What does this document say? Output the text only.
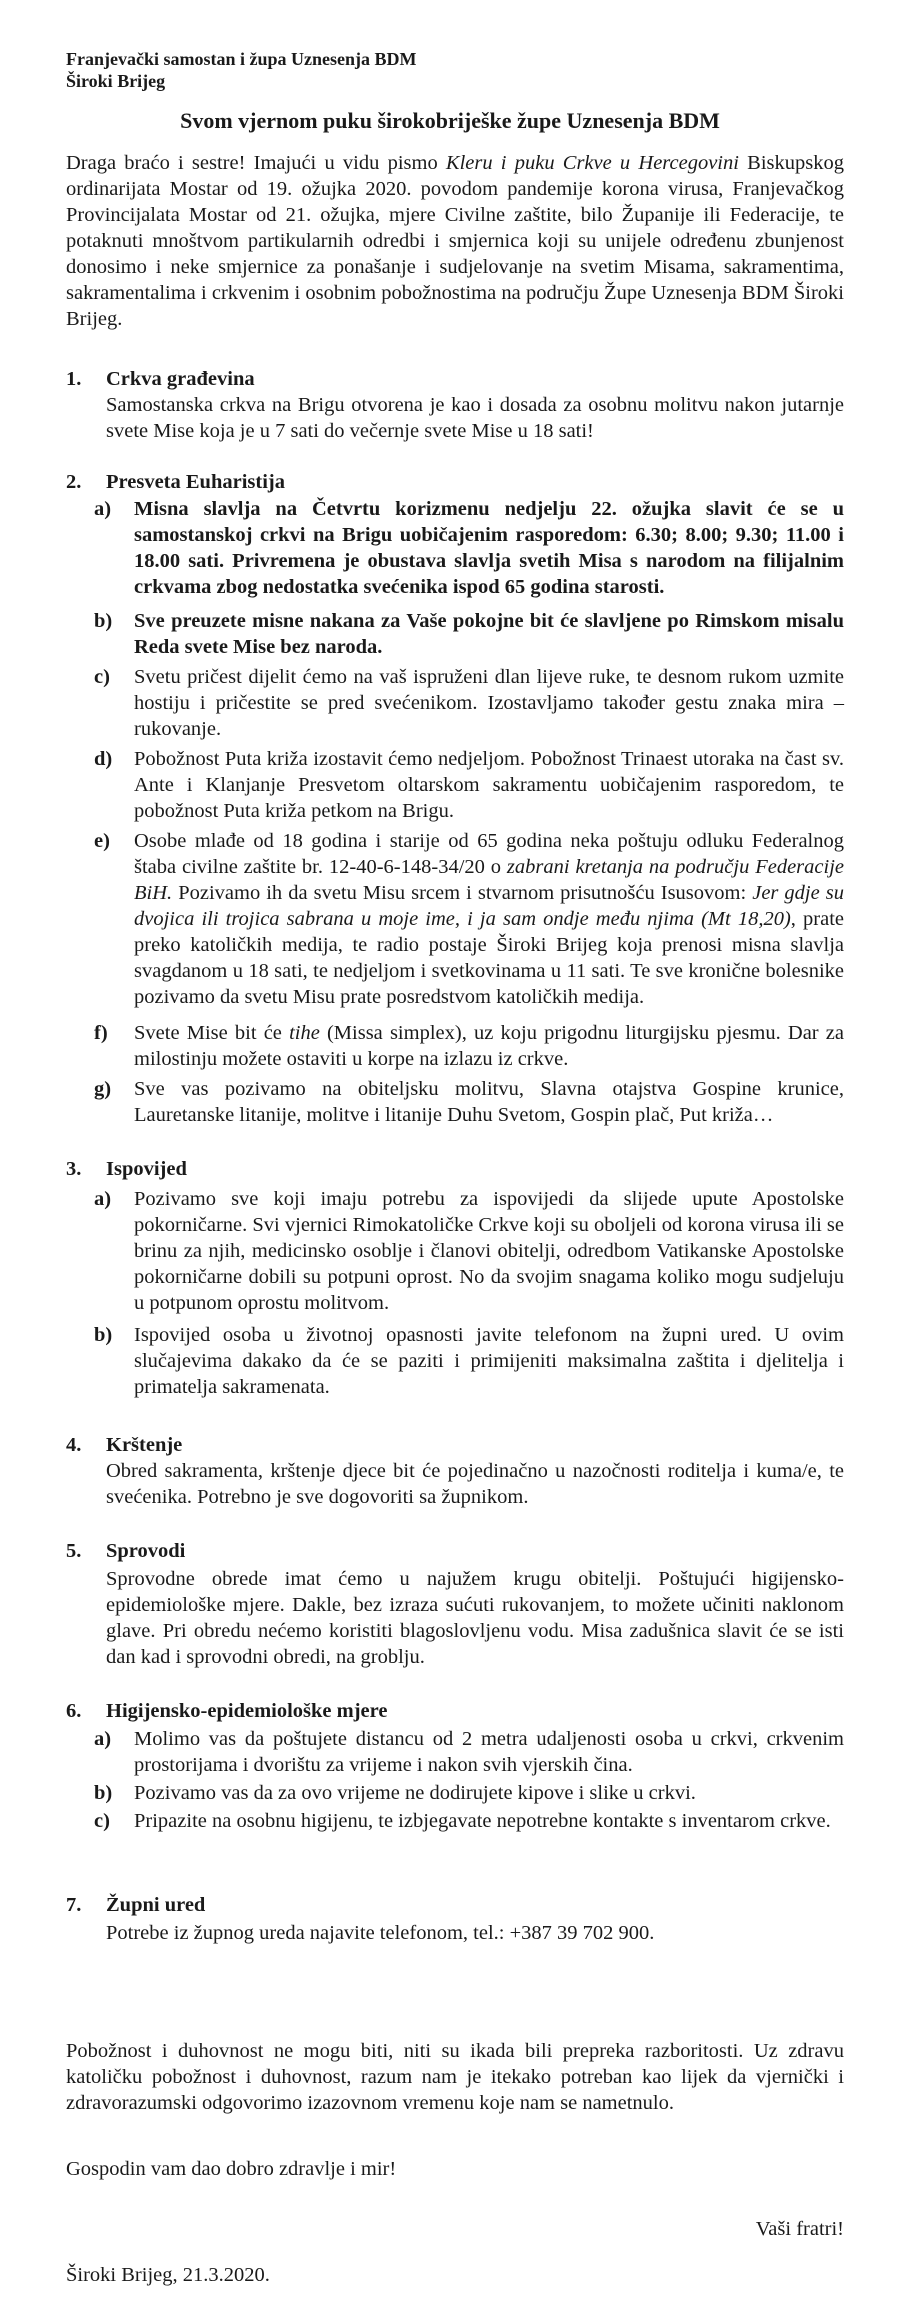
Franjevački samostan i župa Uznesenja BDM
Široki Brijeg
Svom vjernom puku širokobriješke župe Uznesenja BDM
Draga braćo i sestre! Imajući u vidu pismo Kleru i puku Crkve u Hercegovini Biskupskog ordinarijata Mostar od 19. ožujka 2020. povodom pandemije korona virusa, Franjevačkog Provincijalata Mostar od 21. ožujka, mjere Civilne zaštite, bilo Županije ili Federacije, te potaknuti mnoštvom partikularnih odredbi i smjernica koji su unijele određenu zbunjenost donosimo i neke smjernice za ponašanje i sudjelovanje na svetim Misama, sakramentima, sakramentalima i crkvenim i osobnim pobožnostima na području Župe Uznesenja BDM Široki Brijeg.
1. Crkva građevina
Samostanska crkva na Brigu otvorena je kao i dosada za osobnu molitvu nakon jutarnje svete Mise koja je u 7 sati do večernje svete Mise u 18 sati!
2. Presveta Euharistija
a)	Misna slavlja na Četvrtu korizmenu nedjelju 22. ožujka slavit će se u samostanskoj crkvi na Brigu uobičajenim rasporedom: 6.30; 8.00; 9.30; 11.00 i 18.00 sati. Privremena je obustava slavlja svetih Misa s narodom na filijalnim crkvama zbog nedostatka svećenika ispod 65 godina starosti.
b)	Sve preuzete misne nakana za Vaše pokojne bit će slavljene po Rimskom misalu Reda svete Mise bez naroda.
c)	Svetu pričest dijelit ćemo na vaš ispruženi dlan lijeve ruke, te desnom rukom uzmite hostiju i pričestite se pred svećenikom. Izostavljamo također gestu znaka mira – rukovanje.
d)	Pobožnost Puta križa izostavit ćemo nedjeljom. Pobožnost Trinaest utoraka na čast sv. Ante i Klanjanje Presvetom oltarskom sakramentu uobičajenim rasporedom, te pobožnost Puta križa petkom na Brigu.
e)	Osobe mlađe od 18 godina i starije od 65 godina neka poštuju odluku Federalnog štaba civilne zaštite br. 12-40-6-148-34/20 o zabrani kretanja na području Federacije BiH. Pozivamo ih da svetu Misu srcem i stvarnom prisutnošću Isusovom: Jer gdje su dvojica ili trojica sabrana u moje ime, i ja sam ondje među njima (Mt 18,20), prate preko katoličkih medija, te radio postaje Široki Brijeg koja prenosi misna slavlja svagdanom u 18 sati, te nedjeljom i svetkovinama u 11 sati. Te sve kronične bolesnike pozivamo da svetu Misu prate posredstvom katoličkih medija.
f)	Svete Mise bit će tihe (Missa simplex), uz koju prigodnu liturgijsku pjesmu. Dar za milostinju možete ostaviti u korpe na izlazu iz crkve.
g)	Sve vas pozivamo na obiteljsku molitvu, Slavna otajstva Gospine krunice, Lauretanske litanije, molitve i litanije Duhu Svetom, Gospin plač, Put križa…
3. Ispovijed
a)	Pozivamo sve koji imaju potrebu za ispovijedi da slijede upute Apostolske pokorničarne. Svi vjernici Rimokatoličke Crkve koji su oboljeli od korona virusa ili se brinu za njih, medicinsko osoblje i članovi obitelji, odredbom Vatikanske Apostolske pokorničarne dobili su potpuni oprost. No da svojim snagama koliko mogu sudjeluju u potpunom oprostu molitvom.
b)	Ispovijed osoba u životnoj opasnosti javite telefonom na župni ured. U ovim slučajevima dakako da će se paziti i primijeniti maksimalna zaštita i djelitelja i primatelja sakramenata.
4. Krštenje
Obred sakramenta, krštenje djece bit će pojedinačno u nazočnosti roditelja i kuma/e, te svećenika. Potrebno je sve dogovoriti sa župnikom.
5. Sprovodi
Sprovodne obrede imat ćemo u najužem krugu obitelji. Poštujući higijensko-epidemiološke mjere. Dakle, bez izraza sućuti rukovanjem, to možete učiniti naklonom glave. Pri obredu nećemo koristiti blagoslovljenu vodu. Misa zadušnica slavit će se isti dan kad i sprovodni obredi, na groblju.
6. Higijensko-epidemiološke mjere
a)	Molimo vas da poštujete distancu od 2 metra udaljenosti osoba u crkvi, crkvenim prostorijama i dvorištu za vrijeme i nakon svih vjerskih čina.
b)	Pozivamo vas da za ovo vrijeme ne dodirujete kipove i slike u crkvi.
c)	Pripazite na osobnu higijenu, te izbjegavate nepotrebne kontakte s inventarom crkve.
7. Župni ured
Potrebe iz župnog ureda najavite telefonom, tel.: +387 39 702 900.
Pobožnost i duhovnost ne mogu biti, niti su ikada bili prepreka razboritosti. Uz zdravu katoličku pobožnost i duhovnost, razum nam je itekako potreban kao lijek da vjernički i zdravorazumski odgovorimo izazovnom vremenu koje nam se nametnulo.
Gospodin vam dao dobro zdravlje i mir!
Vaši fratri!
Široki Brijeg, 21.3.2020.
